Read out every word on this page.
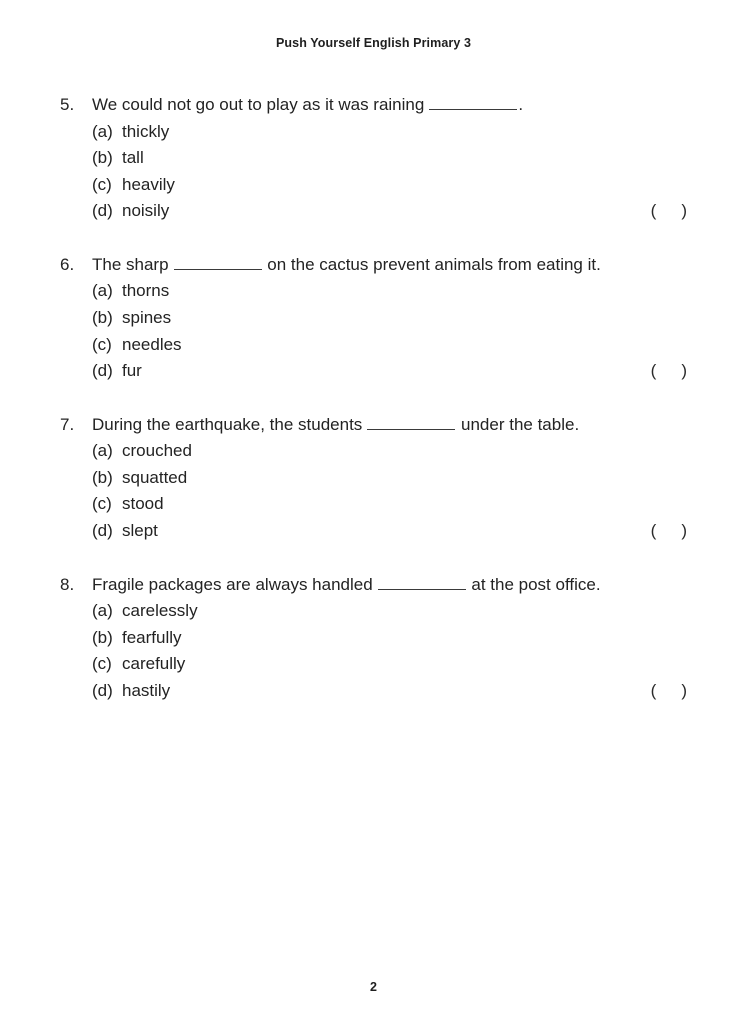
Push Yourself English Primary 3
5.	We could not go out to play as it was raining	.
(a) thickly
(b) tall
(c) heavily
(d) noisily	( )
6.	The sharp	on the cactus prevent animals from eating it.
(a) thorns
(b) spines
(c) needles
(d) fur	( )
7.	During the earthquake, the students	under the table.
(a) crouched
(b) squatted
(c) stood
(d) slept	( )
8.	Fragile packages are always handled	at the post office.
(a) carelessly
(b) fearfully
(c) carefully
(d) hastily	( )
2
